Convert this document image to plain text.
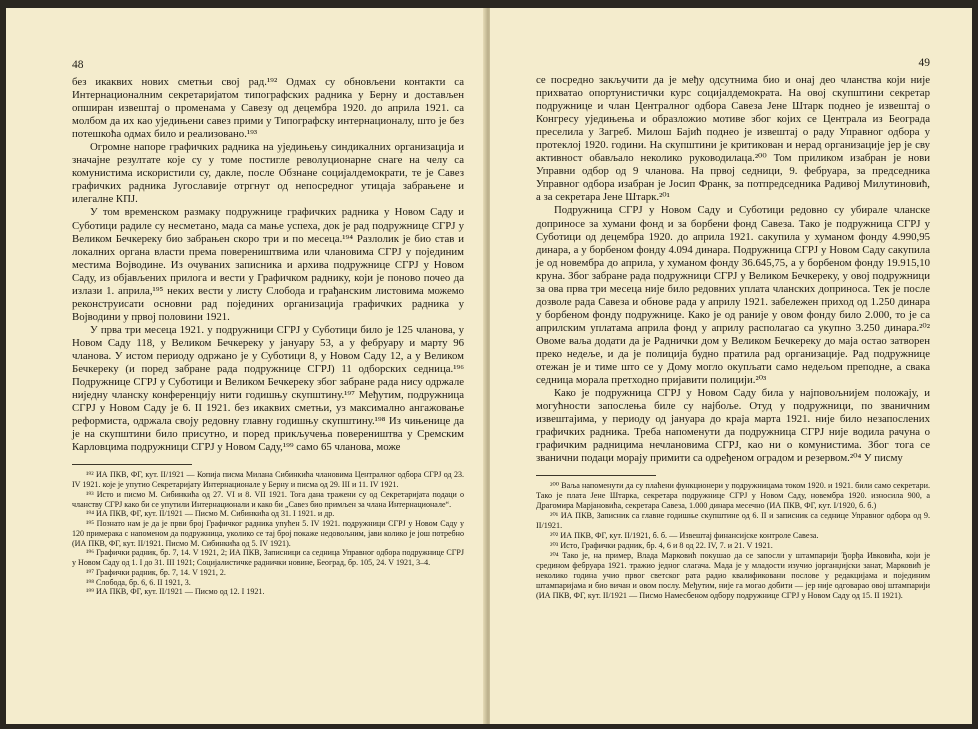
48

без икаквих нових сметњи свој рад.¹⁹² Одмах су обновљени контакти са Интернационалним секретаријатом типографских радника у Берну и достављен опширан извештај о променама у Савезу од децембра 1920. до априла 1921. са молбом да их као уједињени савез прими у Типографску интернационалу, што је без потешкоћа одмах било и реализовано.¹⁹³

Огромне напоре графичких радника на уједињењу синдикалних организација и значајне резултате које су у томе постигле револуционарне снаге на челу са комунистима искористили су, дакле, после Обзнане социјалдемократи, те је Савез графичких радника Југославије отргнут од непосредног утицаја забрањене и илегалне КПЈ.

У том временском размаку подружнице графичких радника у Новом Саду и Суботици радиле су несметано, мада са мање успеха, док је рад подружнице СГРЈ у Великом Бечкереку био забрањен скоро три и по месеца.¹⁹⁴ Разлолик је био став и локалних органа власти према повереништвима или члановима СГРЈ у појединим местима Војводине. Из очуваних записника и архива подружнице СГРЈ у Новом Саду, из објављених прилога и вести у Графичком раднику, који је поново почео да излази 1. априла,¹⁹⁵ неких вести у листу Слобода и грађанским листовима можемо реконструисати основни рад појединих организација графичких радника у Војводини у првој половини 1921.

У прва три месеца 1921. у подружници СГРЈ у Суботици било је 125 чланова, у Новом Саду 118, у Великом Бечкереку у јануару 53, а у фебруару и марту 96 чланова. У истом периоду одржано је у Суботици 8, у Новом Саду 12, а у Великом Бечкереку (и поред забране рада подружнице СГРЈ) 11 одборских седница.¹⁹⁶ Подружнице СГРЈ у Суботици и Великом Бечкереку због забране рада нису одржале ниједну чланску конференцију нити годишњу скупштину.¹⁹⁷ Међутим, подружница СГРЈ у Новом Саду је 6. II 1921. без икаквих сметњи, уз максимално ангажовање реформиста, одржала своју редовну главну годишњу скупштину.¹⁹⁸ Из чињенице да је на скупштини било присутно, и поред прикључења повереништва у Сремским Карловцима подружници СГРЈ у Новом Саду,¹⁹⁹ само 65 чланова, може

¹⁹² ИА ПКВ, ФГ, кут. II/1921 — Копија писма Милана Сибинкића члановима Централног одбора СГРЈ од 23. IV 1921. које је упутио Секретаријату Интернационале у Берну и писма од 29. III и 11. IV 1921.

¹⁹³ Исто и писмо М. Сибинкића од 27. VI и 8. VII 1921. Тога дана тражени су од Секретаријата подаци о чланству СГРЈ како би се упутили Интернационали и како би „Савез био примљен за члана Интернационале“.

¹⁹⁴ ИА ПКВ, ФГ, кут. II/1921 — Писмо М. Сибинкића од 31. I 1921. и др.

¹⁹⁵ Познато нам је да је први број Графичког радника упућен 5. IV 1921. подружници СГРЈ у Новом Саду у 120 примерака с напоменом да подружница, уколико се тај број покаже недовољним, јави колико је још потребно (ИА ПКВ, ФГ, кут. II/1921. Писмо М. Сибинкића од 5. IV 1921).

¹⁹⁶ Графички радник, бр. 7, 14. V 1921, 2; ИА ПКВ, Записници са седница Управног одбора подружнице СГРЈ у Новом Саду од 1. I до 31. III 1921; Социјалистичке раднички новине, Београд, бр. 105, 24. V 1921, 3–4.

¹⁹⁷ Графички радник, бр. 7, 14. V 1921, 2.

¹⁹⁸ Слобода, бр. 6, 6. II 1921, 3.

¹⁹⁹ ИА ПКВ, ФГ, кут. II/1921 — Писмо од 12. I 1921.

49

се посредно закључити да је међу одсутнима био и онај део чланства који није прихватао опортунистички курс социјалдемократа. На овој скупштини секретар подружнице и члан Централног одбора Савеза Јене Штарк поднео је извештај о Конгресу уједињења и образложио мотиве због којих се Централа из Београда преселила у Загреб. Милош Бајић поднео је извештај о раду Управног одбора у протеклој 1920. години. На скупштини је критикован и нерад организације јер је сву активност обављало неколико руководилаца.²⁰⁰ Том приликом изабран је нови Управни одбор од 9 чланова. На првој седници, 9. фебруара, за председника Управног одбора изабран је Јосип Франк, за потпредседника Радивој Милутиновић, а за секретара Јене Штарк.²⁰¹

Подружница СГРЈ у Новом Саду и Суботици редовно су убирале чланске доприносе за хумани фонд и за борбени фонд Савеза. Тако је подружница СГРЈ у Суботици од децембра 1920. до априла 1921. сакупила у хуманом фонду 4.990,95 динара, а у борбеном фонду 4.094 динара. Подружница СГРЈ у Новом Саду сакупила је од новембра до априла, у хуманом фонду 36.645,75, а у борбеном фонду 19.915,10 круна. Због забране рада подружници СГРЈ у Великом Бечкереку, у овој подружници за ова прва три месеца није било редовних уплата чланских доприноса. Тек је после дозволе рада Савеза и обнове рада у априлу 1921. забележен приход од 1.250 динара у борбеном фонду подружнице. Како је од раније у овом фонду било 2.000, то је са априлским уплатама априла фонд у априлу располагао са укупно 3.250 динара.²⁰² Овоме ваља додати да је Раднички дом у Великом Бечкереку до маја остао затворен преко недеље, и да је полиција будно пратила рад организације. Рад подружнице отежан је и тиме што се у Дому могло окупљати само недељом преподне, а свака седница морала претходно пријавити полицији.²⁰³

Како је подружница СГРЈ у Новом Саду била у најповољнијем положају, и могућности запослења биле су најбоље. Отуд у подружници, по званичним извештајима, у периоду од јануара до краја марта 1921. није било незапослених графичких радника. Треба напоменути да подружница СГРЈ није водила рачуна о графичким радницима нечлановима СГРЈ, као ни о комунистима. Због тога се званични подаци морају примити са одређеном оградом и резервом.²⁰⁴ У писму

²⁰⁰ Ваља напоменути да су плаћени функционери у подружницама током 1920. и 1921. били само секретари. Тако је плата Јене Штарка, секретара подружнице СГРЈ у Новом Саду, новембра 1920. износила 900, а Драгомира Марјановића, секретара Савеза, 1.000 динара месечно (ИА ПКВ, ФГ, кут. I/1920, б. б.)

²⁰¹ ИА ПКВ, Записник са главне годишње скупштине од 6. II и записник са седнице Управног одбора од 9. II/1921.

²⁰² ИА ПКВ, ФГ, кут. II/1921, б. б. — Извештај финансијске контроле Савеза.

²⁰³ Исто, Графички радник, бр. 4, 6 и 8 од 22. IV, 7. и 21. V 1921.

²⁰⁴ Тако је, на пример, Влада Марковић покушао да се запосли у штампарији Ђорђа Ивковића, који је средином фебруара 1921. тражио једног слагача. Мада је у младости изучио јорганџијски занат, Марковић је неколико година учио првог светског рата радио квалификовани послове у редакцијама и појединим штампаријама и био вичан и овом послу. Међутим, није га могао добити — јер није одговарао овој штампарији (ИА ПКВ, ФГ, кут. II/1921 — Писмо Намесбеном одбору подружнице СГРЈ у Новом Саду од 15. II 1921).
